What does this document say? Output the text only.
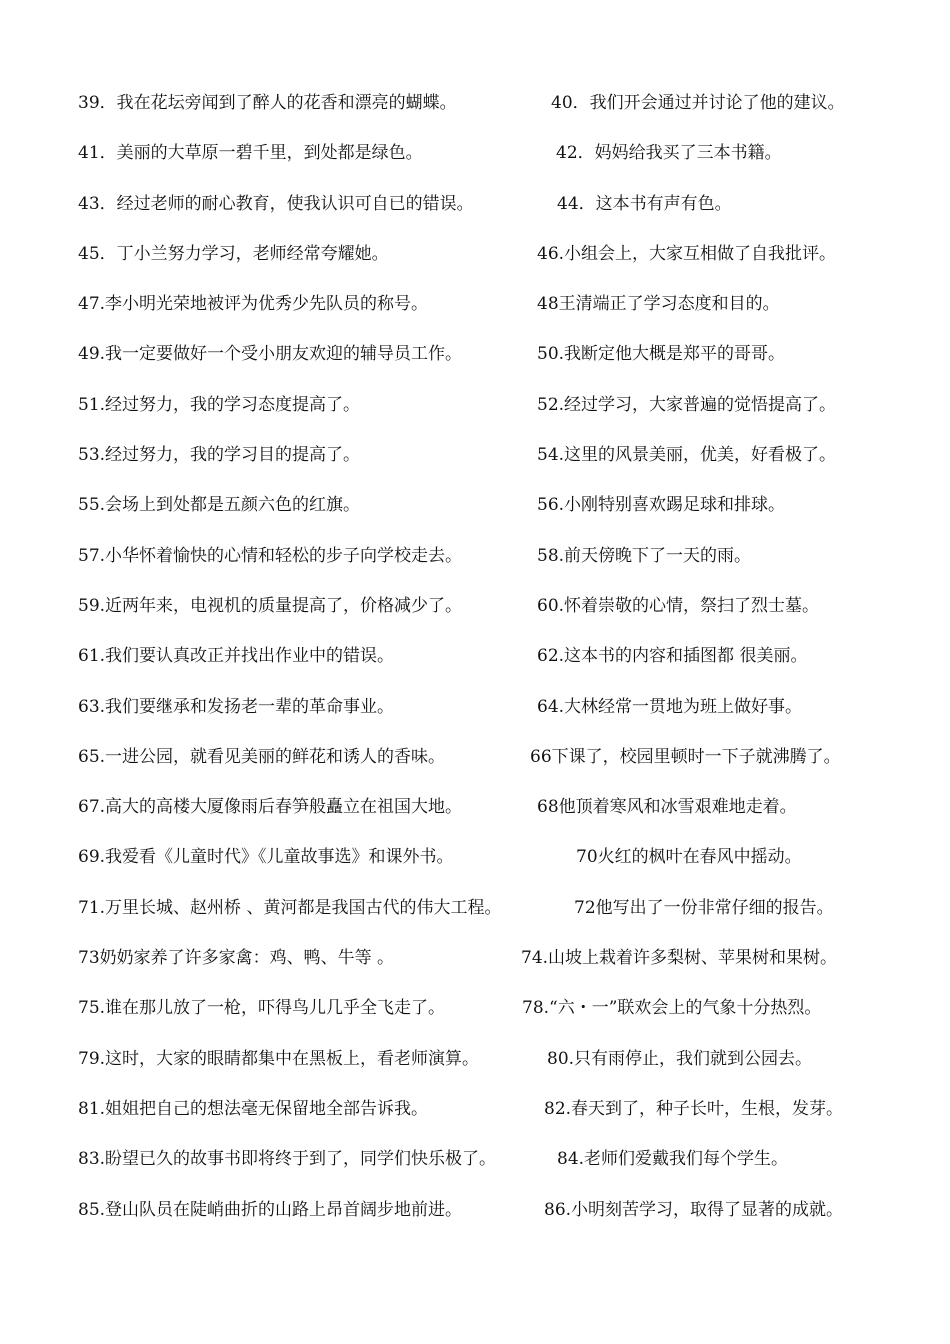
39．我在花坛旁闻到了醉人的花香和漂亮的蝴蝶。	40．我们开会通过并讨论了他的建议。
41．美丽的大草原一碧千里，到处都是绿色。	42．妈妈给我买了三本书籍。
43．经过老师的耐心教育，使我认识可自已的错误。	44．这本书有声有色。
45．丁小兰努力学习，老师经常夸耀她。	46.小组会上，大家互相做了自我批评。
47.李小明光荣地被评为优秀少先队员的称号。	48王清端正了学习态度和目的。
49.我一定要做好一个受小朋友欢迎的辅导员工作。	50.我断定他大概是郑平的哥哥。
51.经过努力，我的学习态度提高了。	52.经过学习，大家普遍的觉悟提高了。
53.经过努力，我的学习目的提高了。	54.这里的风景美丽，优美，好看极了。
55.会场上到处都是五颜六色的红旗。	56.小刚特别喜欢踢足球和排球。
57.小华怀着愉快的心情和轻松的步子向学校走去。	58.前天傍晚下了一天的雨。
59.近两年来，电视机的质量提高了，价格减少了。	60.怀着崇敬的心情，祭扫了烈士墓。
61.我们要认真改正并找出作业中的错误。	62.这本书的内容和插图都 很美丽。
63.我们要继承和发扬老一辈的革命事业。	64.大林经常一贯地为班上做好事。
65.一进公园，就看见美丽的鲜花和诱人的香味。	66下课了，校园里顿时一下子就沸腾了。
67.高大的高楼大厦像雨后春笋般矗立在祖国大地。	68他顶着寒风和冰雪艰难地走着。
69.我爱看《儿童时代》《儿童故事选》和课外书。	70火红的枫叶在春风中摇动。
71.万里长城、赵州桥 、黄河都是我国古代的伟大工程。	72他写出了一份非常仔细的报告。
73奶奶家养了许多家禽：鸡、鸭、牛等 。	74.山坡上栽着许多梨树、苹果树和果树。
75.谁在那儿放了一枪，吓得鸟儿几乎全飞走了。	78.“六・一”联欢会上的气象十分热烈。
79.这时，大家的眼睛都集中在黑板上，看老师演算。	80.只有雨停止，我们就到公园去。
81.姐姐把自己的想法毫无保留地全部告诉我。	82.春天到了，种子长叶，生根，发芽。
83.盼望已久的故事书即将终于到了，同学们快乐极了。	84.老师们爱戴我们每个学生。
85.登山队员在陡峭曲折的山路上昂首阔步地前进。	86.小明刻苦学习，取得了显著的成就。
